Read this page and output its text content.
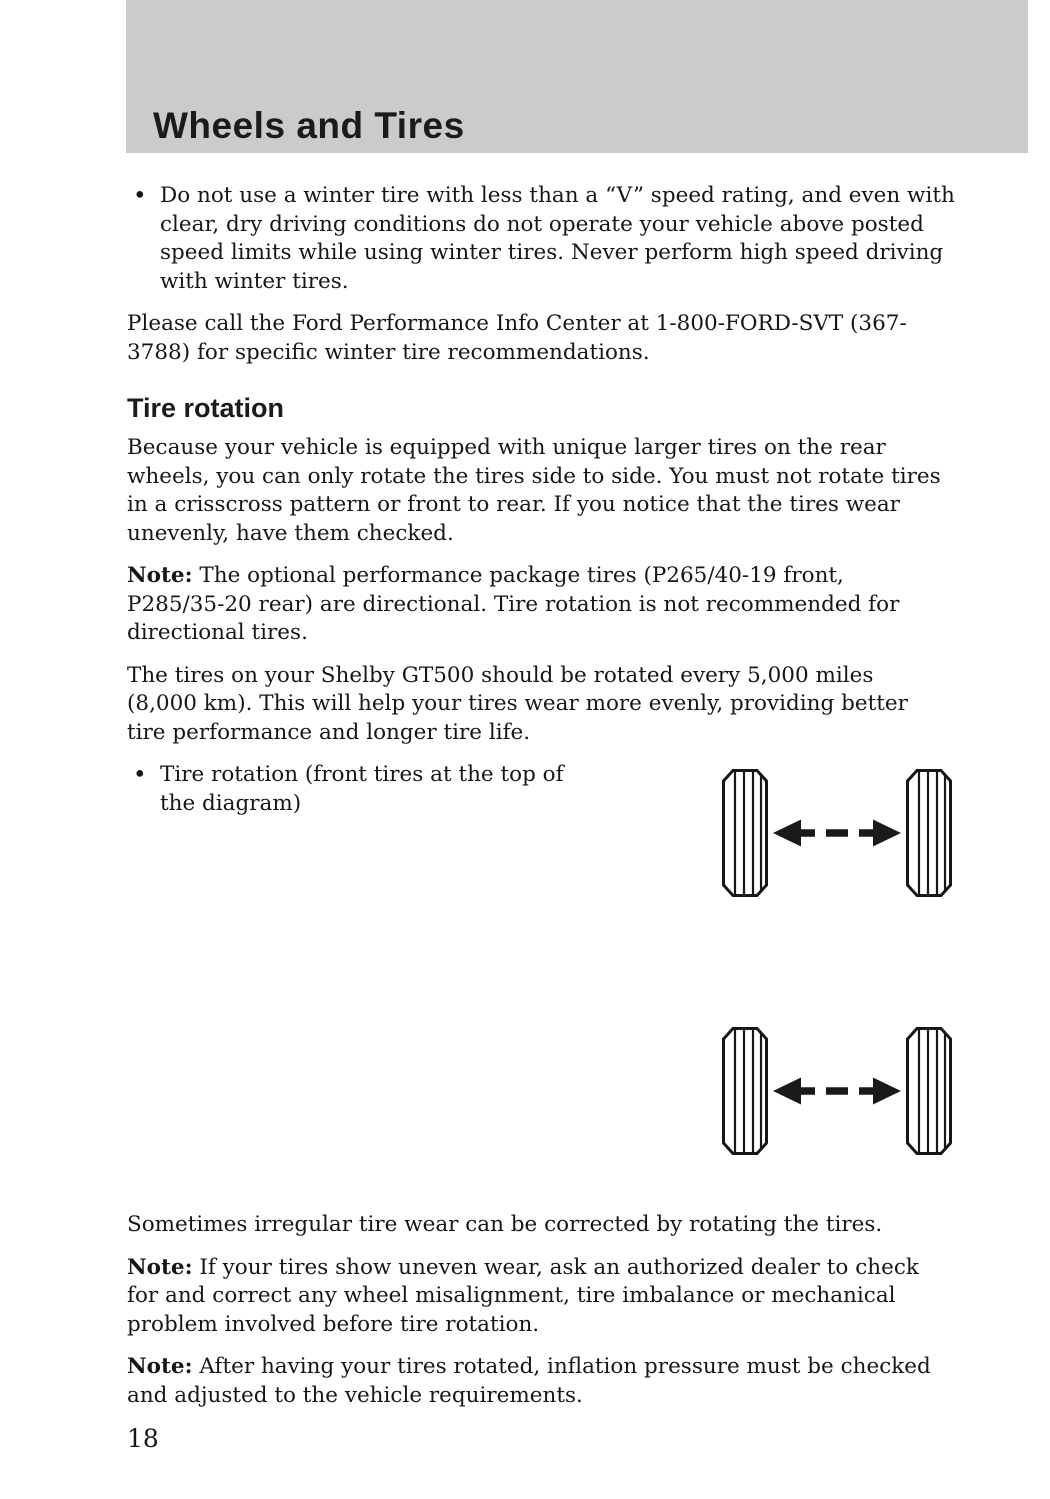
Wheels and Tires
• Do not use a winter tire with less than a “V” speed rating, and even with clear, dry driving conditions do not operate your vehicle above posted speed limits while using winter tires. Never perform high speed driving with winter tires.

Please call the Ford Performance Info Center at 1-800-FORD-SVT (367-3788) for specific winter tire recommendations.

Tire rotation

Because your vehicle is equipped with unique larger tires on the rear wheels, you can only rotate the tires side to side. You must not rotate tires in a crisscross pattern or front to rear. If you notice that the tires wear unevenly, have them checked.

Note: The optional performance package tires (P265/40-19 front, P285/35-20 rear) are directional. Tire rotation is not recommended for directional tires.

The tires on your Shelby GT500 should be rotated every 5,000 miles (8,000 km). This will help your tires wear more evenly, providing better tire performance and longer tire life.

• Tire rotation (front tires at the top of the diagram)

Sometimes irregular tire wear can be corrected by rotating the tires.

Note: If your tires show uneven wear, ask an authorized dealer to check for and correct any wheel misalignment, tire imbalance or mechanical problem involved before tire rotation.

Note: After having your tires rotated, inflation pressure must be checked and adjusted to the vehicle requirements.

18
